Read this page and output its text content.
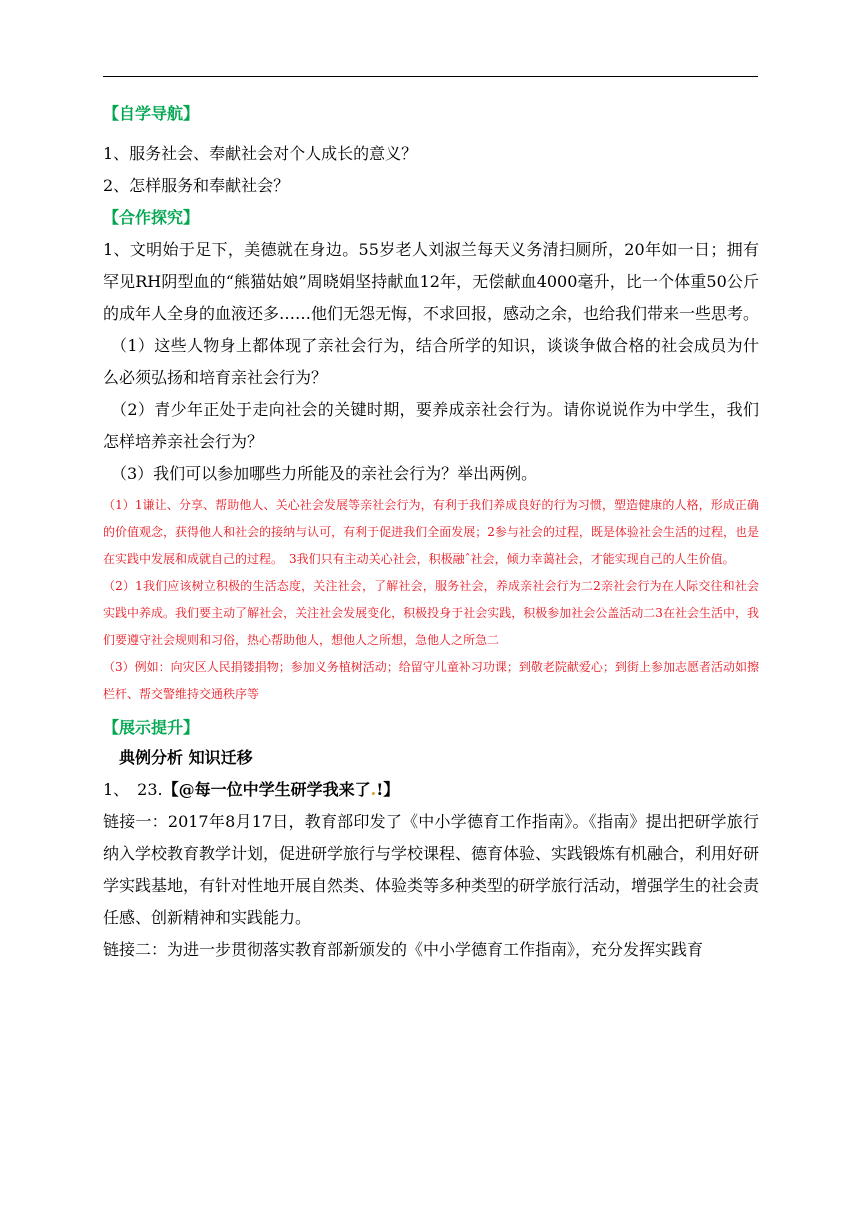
【自学导航】

1、服务社会、奉献社会对个人成长的意义？

2、怎样服务和奉献社会？

【合作探究】

1、文明始于足下，美德就在身边。55岁老人刘淑兰每天义务清扫厕所，20年如一日；拥有罕见RH阴型血的“熊猫姑娘”周晓娟坚持献血12年，无偿献血4000毫升，比一个体重50公斤的成年人全身的血液还多……他们无怨无悔，不求回报，感动之余，也给我们带来一些思考。

（1）这些人物身上都体现了亲社会行为，结合所学的知识，谈谈争做合格的社会成员为什么必须弘扬和培育亲社会行为？

（2）青少年正处于走向社会的关键时期，要养成亲社会行为。请你说说作为中学生，我们怎样培养亲社会行为？

（3）我们可以参加哪些力所能及的亲社会行为？举出两例。

（1）1谦让、分享、帮助他人、关心社会发展等亲社会行为，有利于我们养成良好的行为习惯，塑造健康的人格，形成正确的价值观念，获得他人和社会的接纳与认可，有利于促进我们全面发展；2参与社会的过程，既是体验社会生活的过程，也是在实践中发展和成就自己的过程。　3我们只有主动关心社会，积极融ˆ社会，倾力幸蔼社会，才能实现自己的人生价值。

（2）1我们应该树立积极的生活态度，关注社会，了解社会，服务社会，养成亲社会行为二2亲社会行为在人际交往和社会实践中养成。我们要主动了解社会，关注社会发展变化，积极投身于社会实践，积极参加社会公盖活动二3在社会生活中，我们要遵守社会规则和习俗，热心帮助他人，想他人之所想，急他人之所急二

（3）例如：向灾区人民捐镂捐物；参加义务植树活动；给留守儿童补习功课；到敬老院献爱心；到街上参加志愿者活动如擦栏杆、帮交警维持交通秩序等

【展示提升】

典例分析 知识迁移

1、　23.【@每一位中学生研学我来了.!】

链接一：2017年8月17日，教育部印发了《中小学德育工作指南》。《指南》提出把研学旅行纳入学校教育教学计划，促进研学旅行与学校课程、德育体验、实践锻炼有机融合，利用好研学实践基地，有针对性地开展自然类、体验类等多种类型的研学旅行活动，增强学生的社会责任感、创新精神和实践能力。

链接二：为进一步贯彻落实教育部新颁发的《中小学德育工作指南》，充分发挥实践育
